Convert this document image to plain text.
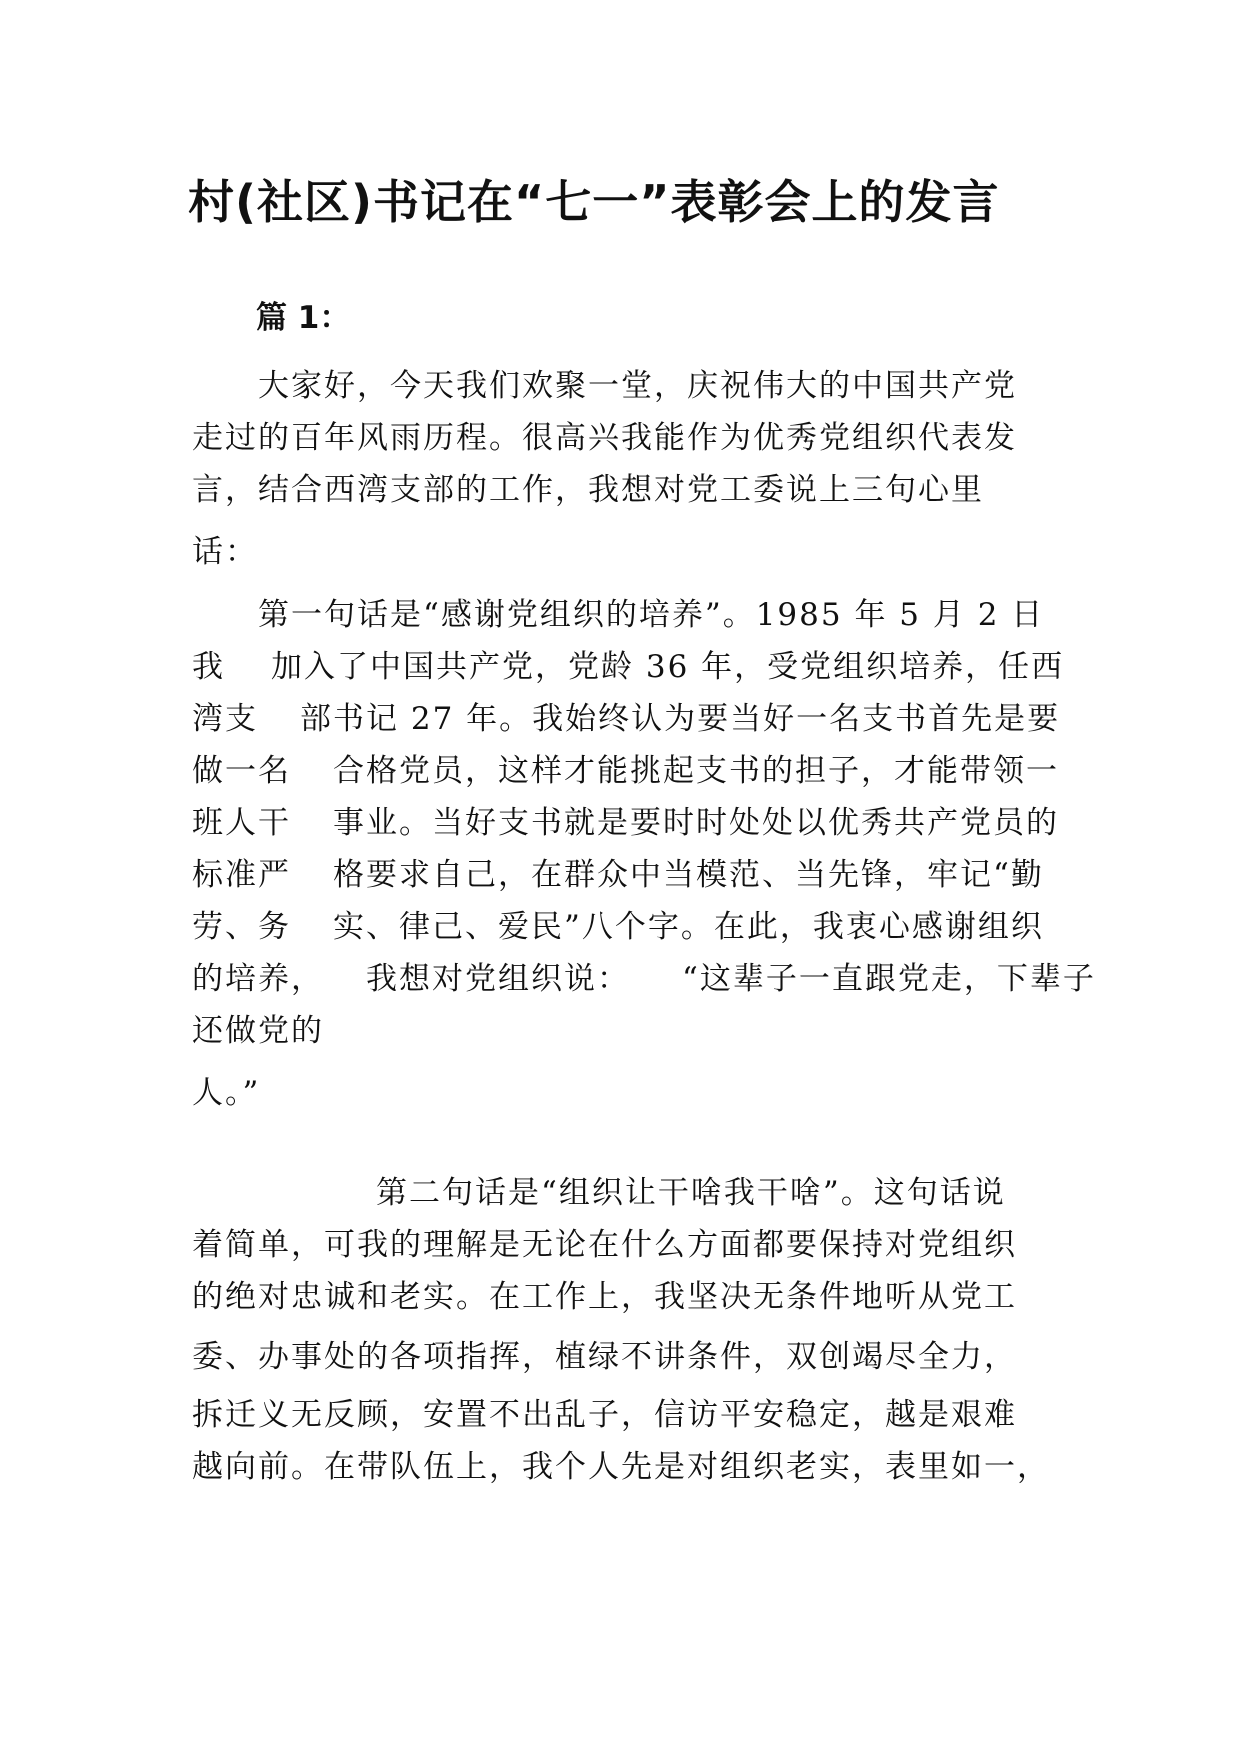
村(社区)书记在“七一”表彰会上的发言
篇 1：
大家好，今天我们欢聚一堂，庆祝伟大的中国共产党
走过的百年风雨历程。很高兴我能作为优秀党组织代表发
言，结合西湾支部的工作，我想对党工委说上三句心里
话：
第一句话是“感谢党组织的培养”。1985 年 5 月 2 日
我 加入了中国共产党，党龄 36 年，受党组织培养，任西
湾支 部书记 27 年。我始终认为要当好一名支书首先是要
做一名 合格党员，这样才能挑起支书的担子，才能带领一
班人干 事业。当好支书就是要时时处处以优秀共产党员的
标准严 格要求自己，在群众中当模范、当先锋，牢记“勤
劳、务 实、律己、爱民”八个字。在此，我衷心感谢组织
的培养， 我想对党组织说： “这辈子一直跟党走，下辈子
还做党的
人。”
第二句话是“组织让干啥我干啥”。这句话说
着简单，可我的理解是无论在什么方面都要保持对党组织
的绝对忠诚和老实。在工作上，我坚决无条件地听从党工
委、办事处的各项指挥，植绿不讲条件，双创竭尽全力，
拆迁义无反顾，安置不出乱子，信访平安稳定，越是艰难
越向前。在带队伍上，我个人先是对组织老实，表里如一，
